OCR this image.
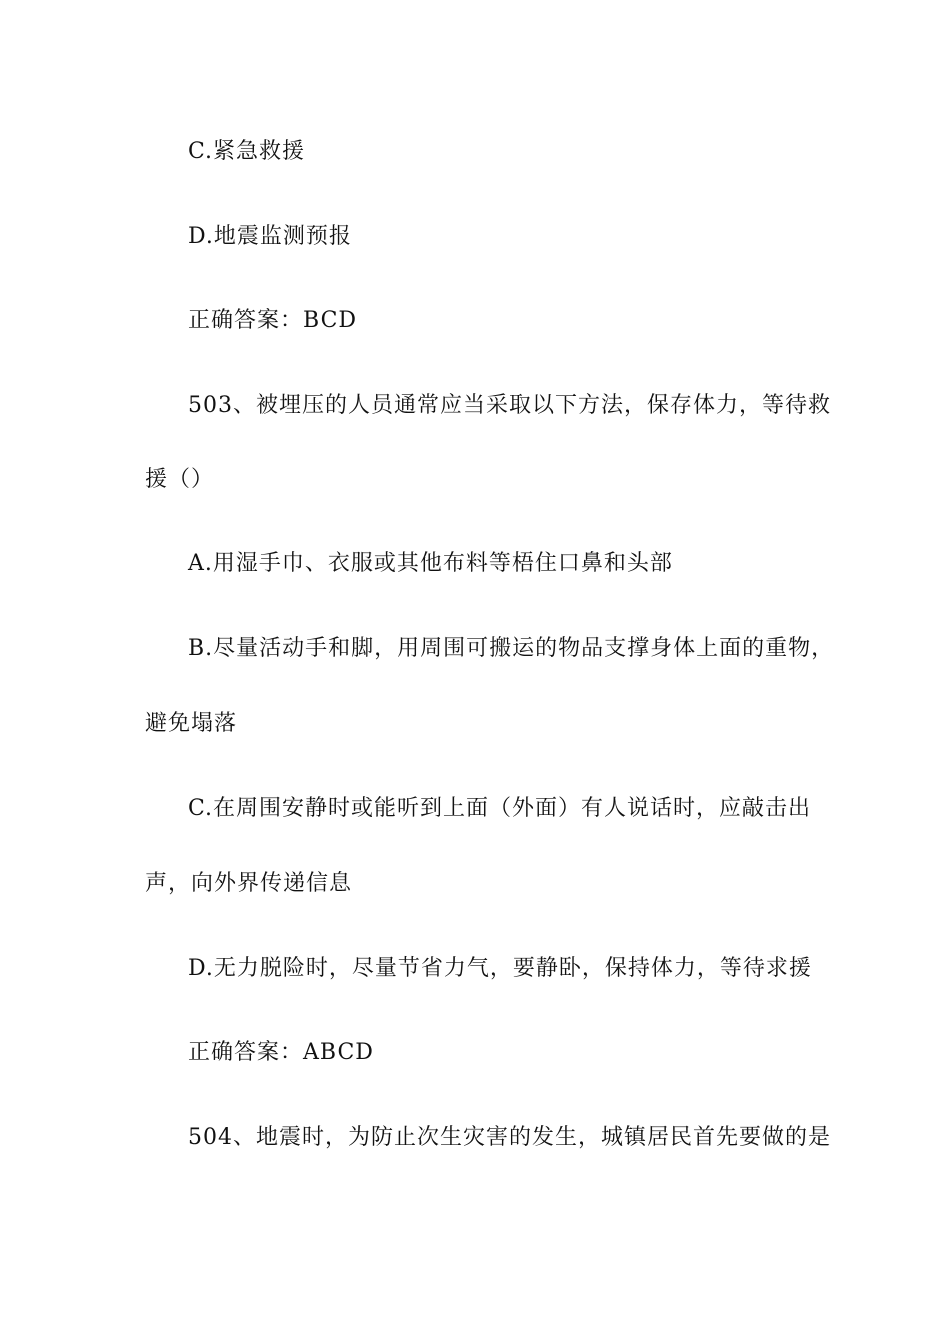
C.紧急救援
D.地震监测预报
正确答案：BCD
503、被埋压的人员通常应当采取以下方法，保存体力，等待救
援（）
A.用湿手巾、衣服或其他布料等梧住口鼻和头部
B.尽量活动手和脚，用周围可搬运的物品支撑身体上面的重物，
避免塌落
C.在周围安静时或能听到上面（外面）有人说话时，应敲击出
声，向外界传递信息
D.无力脱险时，尽量节省力气，要静卧，保持体力，等待求援
正确答案：ABCD
504、地震时，为防止次生灾害的发生，城镇居民首先要做的是
